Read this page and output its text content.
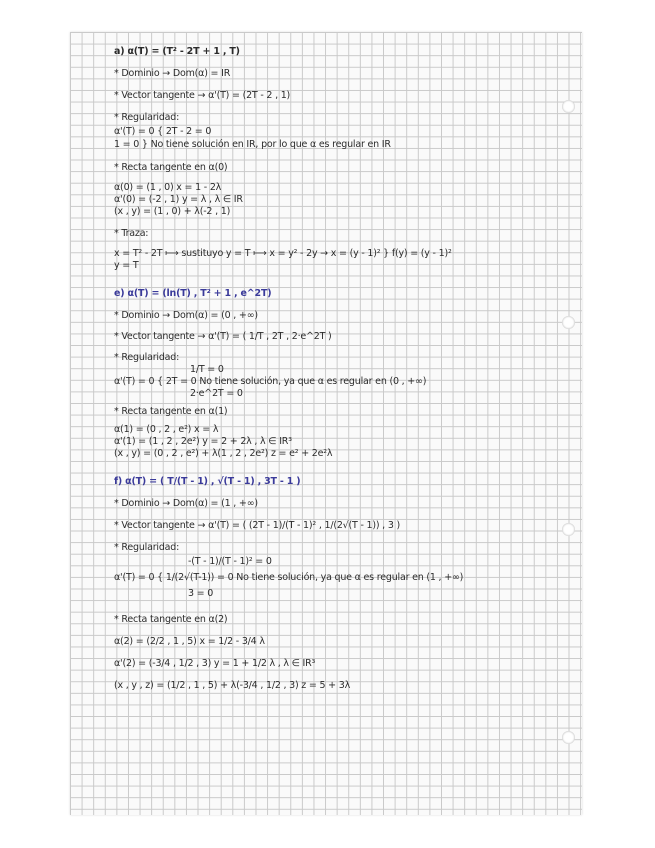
a) α(T) = (T² - 2T + 1 , T)
* Dominio → Dom(α) = IR
* Vector tangente → α'(T) = (2T - 2 , 1)
* Regularidad:
α'(T) = 0 { 2T - 2 = 0
1 = 0 } No tiene solución en IR, por lo que α es regular en IR
* Recta tangente en α(0)
α(0) = (1 , 0) x = 1 - 2λ
α'(0) = (-2 , 1) y = λ , λ ∈ IR
(x , y) = (1 , 0) + λ(-2 , 1)
* Traza:
x = T² - 2T ⟼ sustituyo y = T ⟼ x = y² - 2y → x = (y - 1)² } f(y) = (y - 1)²
y = T
e) α(T) = (ln(T) , T² + 1 , e^2T)
* Dominio → Dom(α) = (0 , +∞)
* Vector tangente → α'(T) = ( 1/T , 2T , 2·e^2T )
* Regularidad:
1/T = 0
α'(T) = 0 { 2T = 0 No tiene solución, ya que α es regular en (0 , +∞)
2·e^2T = 0
* Recta tangente en α(1)
α(1) = (0 , 2 , e²) x = λ
α'(1) = (1 , 2 , 2e²) y = 2 + 2λ , λ ∈ IR³
(x , y) = (0 , 2 , e²) + λ(1 , 2 , 2e²) z = e² + 2e²λ
f) α(T) = ( T/(T - 1) , √(T - 1) , 3T - 1 )
* Dominio → Dom(α) = (1 , +∞)
* Vector tangente → α'(T) = ( (2T - 1)/(T - 1)² , 1/(2√(T - 1)) , 3 )
* Regularidad:
-(T - 1)/(T - 1)² = 0
α'(T) = 0 { 1/(2√(T-1)) = 0 No tiene solución, ya que α es regular en (1 , +∞)
3 = 0
* Recta tangente en α(2)
α(2) = (2/2 , 1 , 5) x = 1/2 - 3/4 λ
α'(2) = (-3/4 , 1/2 , 3) y = 1 + 1/2 λ , λ ∈ IR³
(x , y , z) = (1/2 , 1 , 5) + λ(-3/4 , 1/2 , 3) z = 5 + 3λ
